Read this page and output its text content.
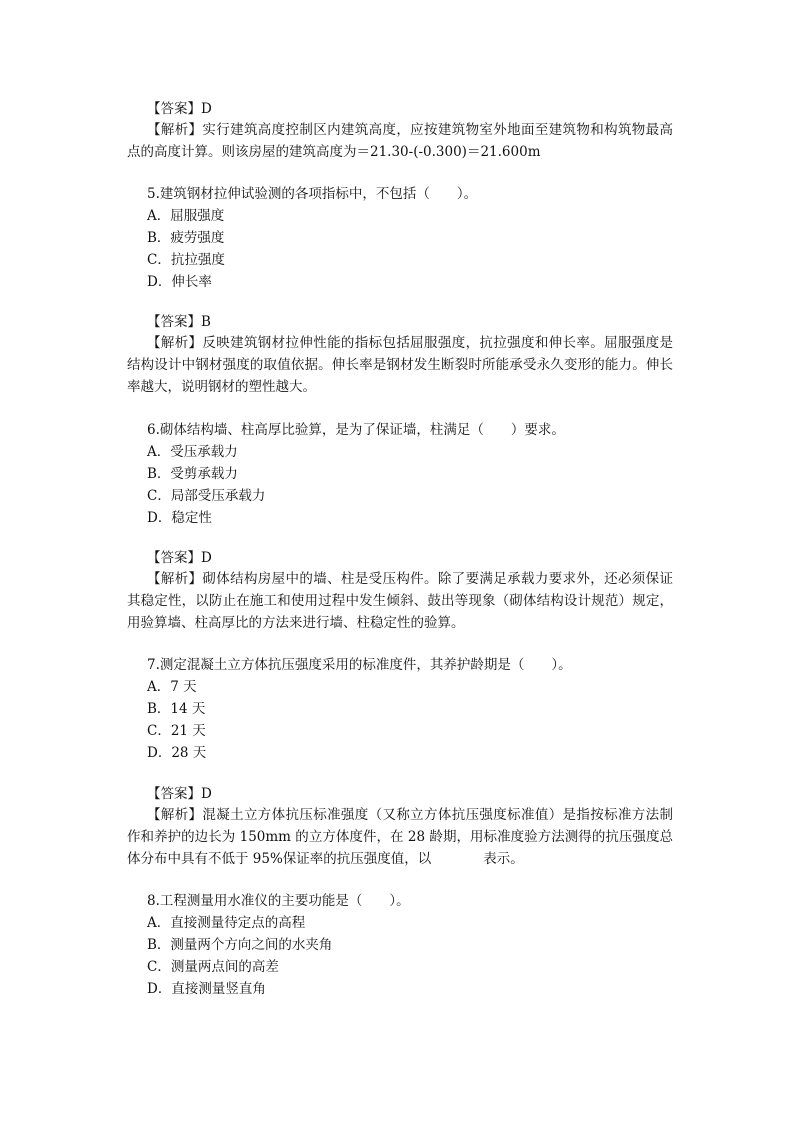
【答案】D
【解析】实行建筑高度控制区内建筑高度，应按建筑物室外地面至建筑物和构筑物最高点的高度计算。则该房屋的建筑高度为＝21.30-(-0.300)＝21.600m
5.建筑钢材拉伸试验测的各项指标中，不包括（　　）。
A．屈服强度
B．疲劳强度
C．抗拉强度
D．伸长率
【答案】B
【解析】反映建筑钢材拉伸性能的指标包括屈服强度，抗拉强度和伸长率。屈服强度是结构设计中钢材强度的取值依据。伸长率是钢材发生断裂时所能承受永久变形的能力。伸长率越大，说明钢材的塑性越大。
6.砌体结构墙、柱高厚比验算，是为了保证墙，柱满足（　　）要求。
A．受压承载力
B．受剪承载力
C．局部受压承载力
D．稳定性
【答案】D
【解析】砌体结构房屋中的墙、柱是受压构件。除了要满足承载力要求外，还必须保证其稳定性，以防止在施工和使用过程中发生倾斜、鼓出等现象（砌体结构设计规范）规定，用验算墙、柱高厚比的方法来进行墙、柱稳定性的验算。
7.测定混凝土立方体抗压强度采用的标准度件，其养护龄期是（　　）。
A．7 天
B．14 天
C．21 天
D．28 天
【答案】D
【解析】混凝土立方体抗压标准强度（又称立方体抗压强度标准值）是指按标准方法制作和养护的边长为 150mm 的立方体度件，在 28 龄期，用标准度验方法测得的抗压强度总体分布中具有不低于 95%保证率的抗压强度值，以	表示。
8.工程测量用水准仪的主要功能是（　　）。
A．直接测量待定点的高程
B．测量两个方向之间的水夹角
C．测量两点间的高差
D．直接测量竖直角
